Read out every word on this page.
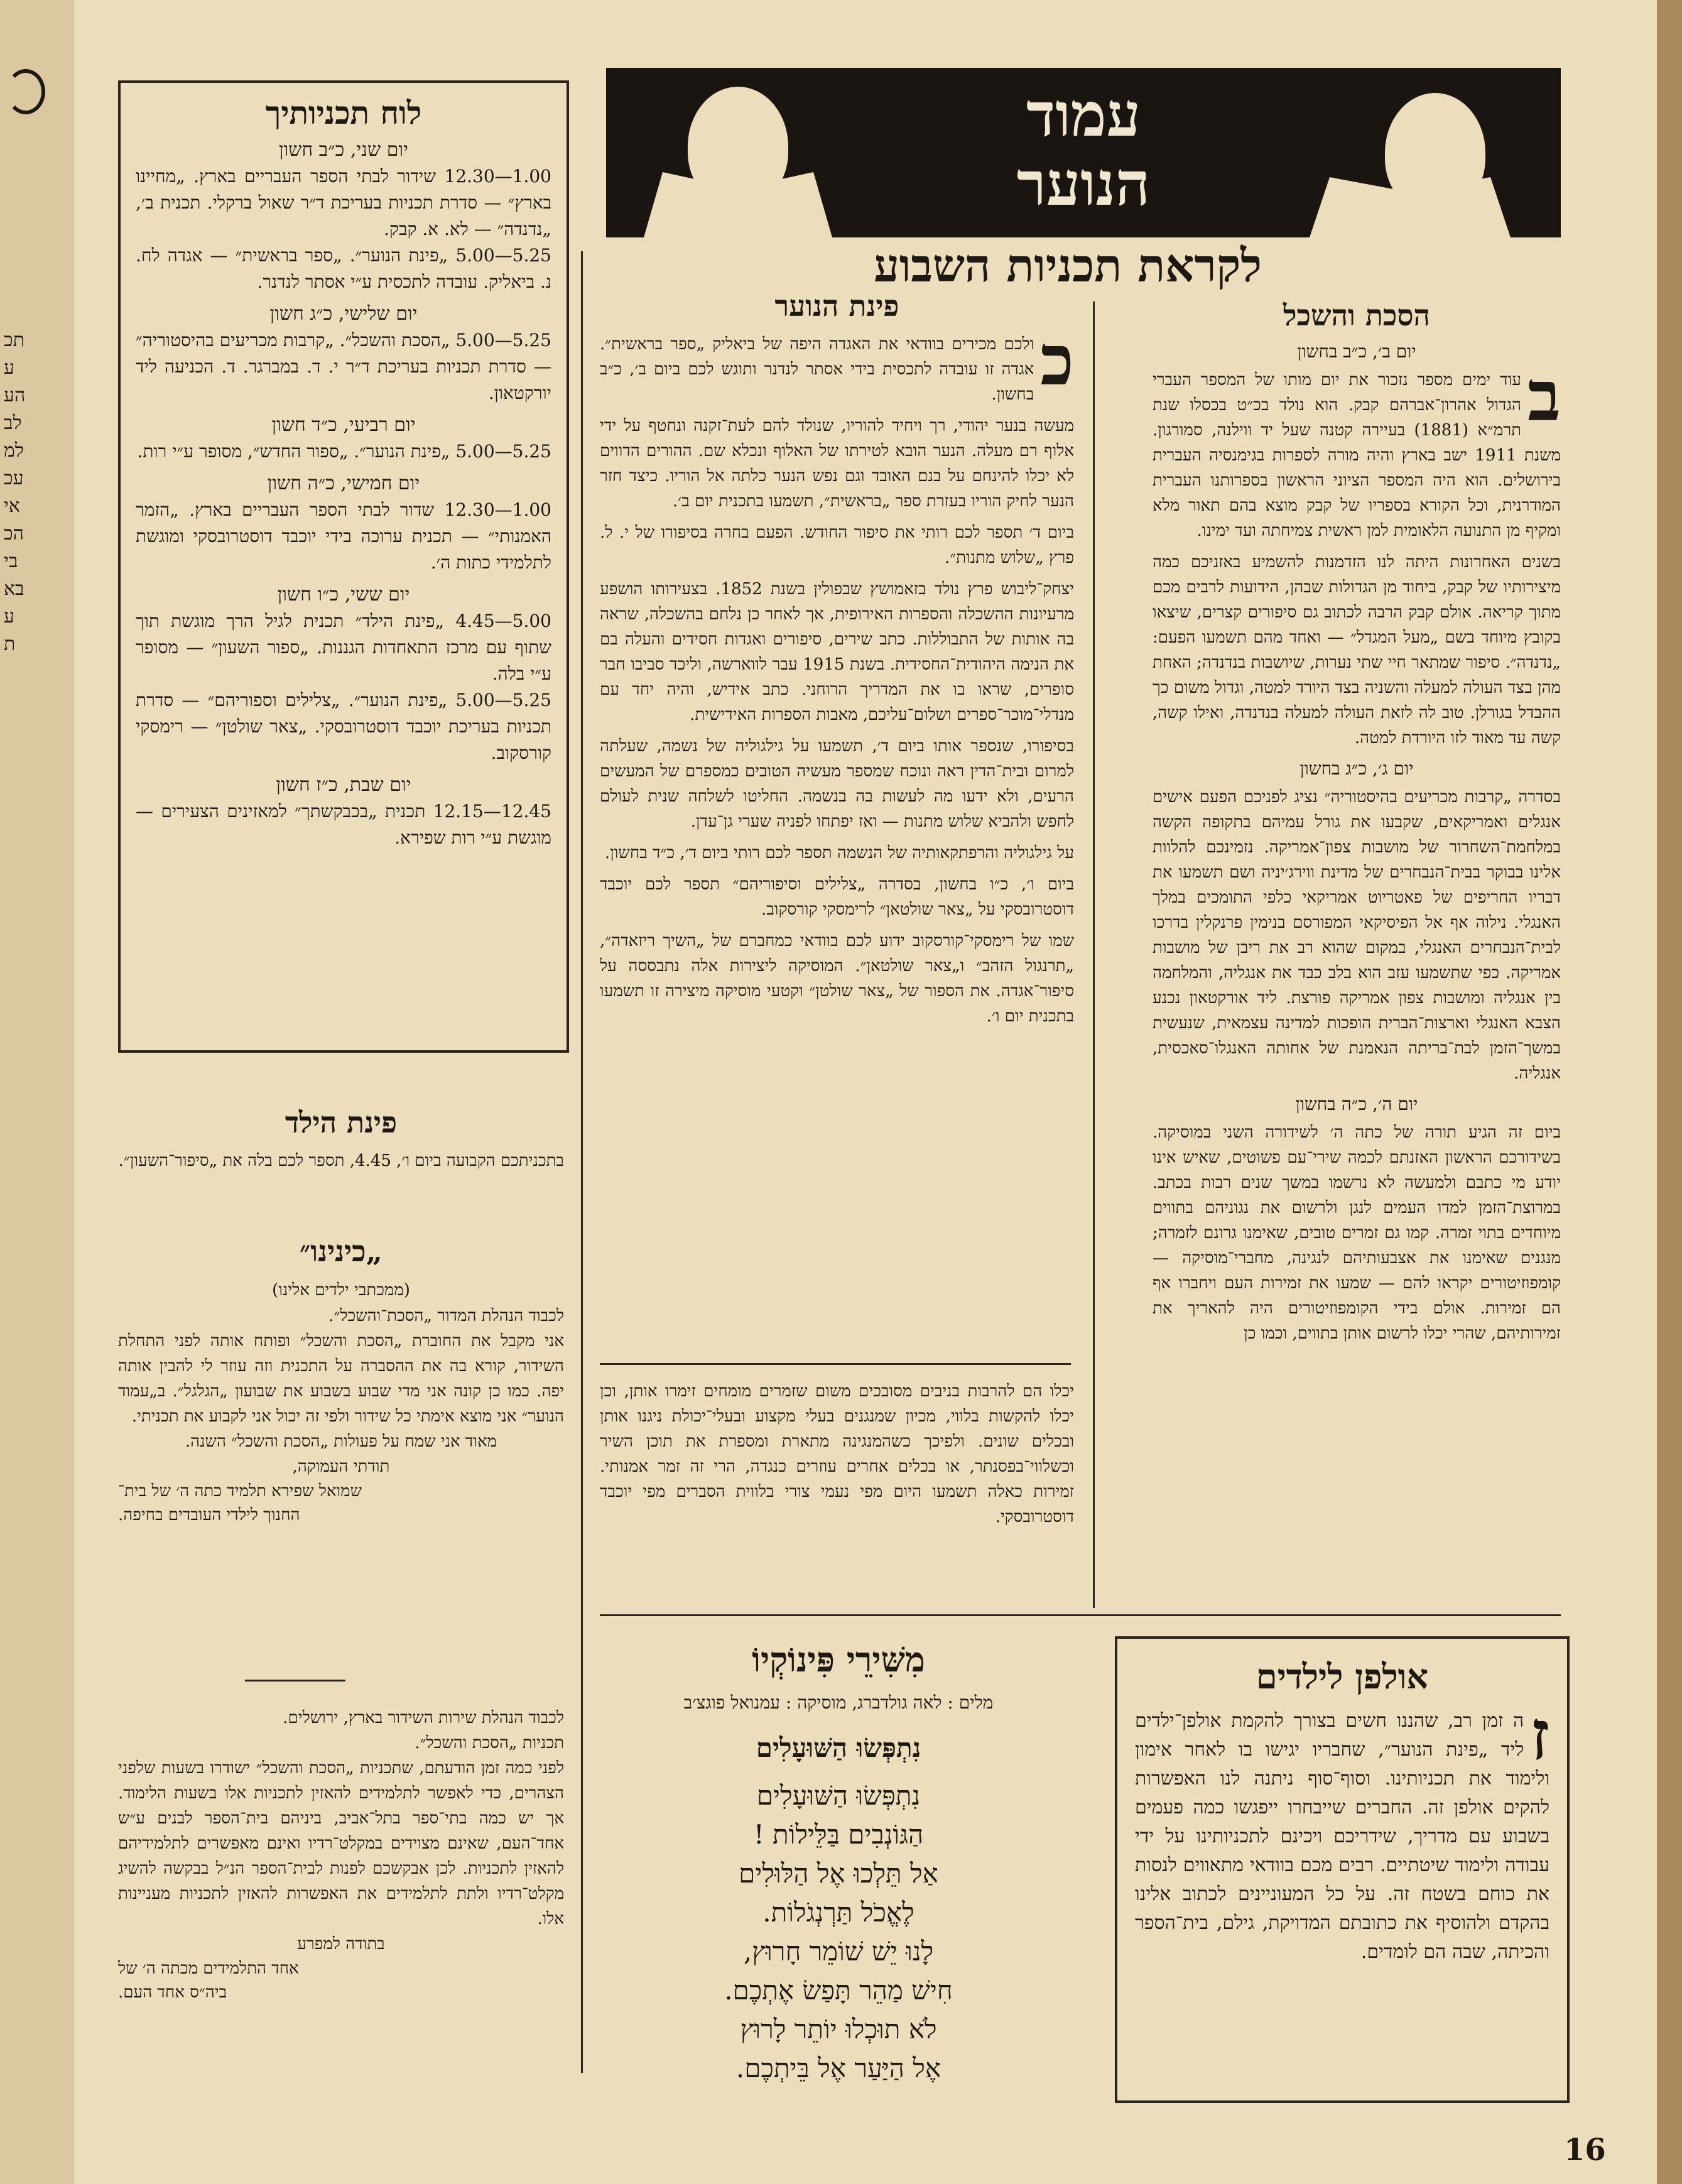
תכ
ע
הע
לב
למ
עכ
אי
הכ
בי
בא
ע
ת
לוח תכניותיך
יום שני, כ״ב חשון
1.00—12.30 שידור לבתי הספר העבריים בארץ. „מחיינו בארץ״ — סדרת תכניות בעריכת ד״ר שאול ברקלי. תכנית ב׳, „נדנדה״ — לא. א. קבק.
5.25—5.00 „פינת הנוער״. „ספר בראשית״ — אגדה לח. נ. ביאליק. עובדה לתכסית ע״י אסתר לנדנר.
יום שלישי, כ״ג חשון
5.25—5.00 „הסכת והשכל״. „קרבות מכריעים בהיסטוריה״ — סדרת תכניות בעריכת ד״ר י. ד. במברגר. ד. הכניעה ליד יורקטאון.
יום רביעי, כ״ד חשון
5.25—5.00 „פינת הנוער״. „ספור החדש״, מסופר ע״י רות.
יום חמישי, כ״ה חשון
1.00—12.30 שדור לבתי הספר העבריים בארץ. „הזמר האמנותי״ — תכנית ערוכה בידי יוכבד דוסטרובסקי ומוגשת לתלמידי כתות ה׳.
יום ששי, כ״ו חשון
5.00—4.45 „פינת הילד״ תכנית לגיל הרך מוגשת תוך שתוף עם מרכז התאחדות הגננות. „ספור השעון״ — מסופר ע״י בלה.
5.25—5.00 „פינת הנוער״. „צלילים וספוריהם״ — סדרת תכניות בעריכת יוכבד דוסטרובסקי. „צאר שולטן״ — רימסקי קורסקוב.
יום שבת, כ״ז חשון
12.45—12.15 תכנית „בכבקשתך״ למאזינים הצעירים — מוגשת ע״י רות שפירא.
פינת הילד
בתכניתכם הקבועה ביום ו׳, 4.45, תספר לכם בלה את „סיפור־השעון״.
„כינינו״
(ממכתבי ילדים אלינו)
לכבוד הנהלת המדור „הסכת־והשכל״.
אני מקבל את החוברת „הסכת והשכל״ ופותח אותה לפני התחלת השידור, קורא בה את ההסברה על התכנית וזה עוזר לי להבין אותה יפה. כמו כן קונה אני מדי שבוע בשבוע את שבועון „הגלגל״. ב„עמוד הנוער״ אני מוצא אימתי כל שידור ולפי זה יכול אני לקבוע את תכניתי.
מאוד אני שמח על פעולות „הסכת והשכל״ השנה.
תודתי העמוקה,
שמואל שפירא תלמיד כתה ה׳ של בית־
החנוך לילדי העובדים בחיפה.
לכבוד הנהלת שירות השידור בארץ, ירושלים.
תכניות „הסכת והשכל״.
לפני כמה זמן הודעתם, שתכניות „הסכת והשכל״ ישודרו בשעות שלפני הצהרים, כדי לאפשר לתלמידים להאזין לתכניות אלו בשעות הלימוד. אך יש כמה בתי־ספר בתל־אביב, ביניהם בית־הספר לבנים ע״ש אחד־העם, שאינם מצוידים במקלט־רדיו ואינם מאפשרים לתלמידיהם להאזין לתכניות. לכן אבקשכם לפנות לבית־הספר הנ״ל בבקשה להשיג מקלט־רדיו ולתת לתלמידים את האפשרות להאזין לתכניות מעניינות אלו.
בתודה למפרע
אחד התלמידים מכתה ה׳ של
ביה״ס אחד העם.
עמוד
הנוער
לקראת תכניות השבוע
הסכת והשכל
יום ב׳, כ״ב בחשון
ב
עוד ימים מספר נזכור את יום מותו של המספר העברי הגדול אהרון־אברהם קבק. הוא נולד בכ״ט בכסלו שנת תרמ״א (1881) בעיירה קטנה שעל יד ווילנה, סמורגון. משנת 1911 ישב בארץ והיה מורה לספרות בגימנסיה העברית בירושלים. הוא היה המספר הציוני הראשון בספרותנו העברית המודרנית, וכל הקורא בספריו של קבק מוצא בהם תאור מלא ומקיף מן התנועה הלאומית למן ראשית צמיחתה ועד ימינו.
בשנים האחרונות היתה לנו הזדמנות להשמיע באזניכם כמה מיצירותיו של קבק, ביחוד מן הגדולות שבהן, הידועות לרבים מכם מתוך קריאה. אולם קבק הרבה לכתוב גם סיפורים קצרים, שיצאו בקובץ מיוחד בשם „מעל המגדל״ — ואחד מהם תשמעו הפעם: „נדנדה״. סיפור שמתאר חיי שתי נערות, שיושבות בנדנדה; האחת מהן בצד העולה למעלה והשניה בצד היורד למטה, וגדול משום כך ההבדל בגורלן. טוב לה לזאת העולה למעלה בנדנדה, ואילו קשה, קשה עד מאוד לזו היורדת למטה.
יום ג׳, כ״ג בחשון
בסדרה „קרבות מכריעים בהיסטוריה״ נציג לפניכם הפעם אישים אנגלים ואמריקאים, שקבעו את גורל עמיהם בתקופה הקשה במלחמת־השחרור של מושבות צפון־אמריקה. נזמינכם להלוות אלינו בבוקר בבית־הנבחרים של מדינת ווירג׳יניה ושם תשמעו את דבריו החריפים של פאטריוט אמריקאי כלפי התומכים במלך האנגלי. נילוה אף אל הפיסיקאי המפורסם בנימין פרנקלין בדרכו לבית־הנבחרים האנגלי, במקום שהוא רב את ריבן של מושבות אמריקה. כפי שתשמעו עזב הוא בלב כבד את אנגליה, והמלחמה בין אנגליה ומושבות צפון אמריקה פורצת. ליד אורקטאון נכנע הצבא האנגלי וארצות־הברית הופכות למדינה עצמאית, שנעשית במשך־הזמן לבת־בריתה הנאמנת של אחותה האנגלו־סאכסית, אנגליה.
יום ה׳, כ״ה בחשון
ביום זה הגיע תורה של כתה ה׳ לשידורה השני במוסיקה. בשידורכם הראשון האזנתם לכמה שירי־עם פשוטים, שאיש אינו יודע מי כתבם ולמעשה לא נרשמו במשך שנים רבות בכתב. במרוצת־הזמן למדו העמים לנגן ולרשום את נגוניהם בתווים מיוחדים בתוי זמרה. קמו גם זמרים טובים, שאימנו גרונם לזמרה; מנגנים שאימנו את אצבעותיהם לנגינה, מחברי־מוסיקה — קומפוזיטורים יקראו להם — שמעו את זמירות העם ויחברו אף הם זמירות. אולם בידי הקומפוזיטורים היה להאריך את זמירותיהם, שהרי יכלו לרשום אותן בתווים, וכמו כן
פינת הנוער
כ
ולכם מכירים בוודאי את האגדה היפה של ביאליק „ספר בראשית״. אגדה זו עובדה לתכסית בידי אסתר לנדנר ותוגש לכם ביום ב׳, כ״ב בחשון.
מעשה בנער יהודי, רך ויחיד להוריו, שנולד להם לעת־זקנה ונחטף על ידי אלוף רם מעלה. הנער הובא לטירתו של האלוף ונכלא שם. ההורים הדווים לא יכלו להינחם על בנם האובד וגם נפש הנער כלתה אל הוריו. כיצד חזר הנער לחיק הוריו בעזרת ספר „בראשית״, תשמעו בתכנית יום ב׳.
ביום ד׳ תספר לכם רותי את סיפור החודש. הפעם בחרה בסיפורו של י. ל. פרץ „שלוש מתנות״.
יצחק־ליבוש פרץ נולד בזאמושץ שבפולין בשנת 1852. בצעירותו הושפע מרעיונות ההשכלה והספרות האירופית, אך לאחר כן נלחם בהשכלה, שראה בה אותות של התבוללות. כתב שירים, סיפורים ואגדות חסידים והעלה בם את הנימה היהודית־החסידית. בשנת 1915 עבר לווארשה, וליכד סביבו חבר סופרים, שראו בו את המדריך הרוחני. כתב אידיש, והיה יחד עם מנדלי־מוכר־ספרים ושלום־עליכם, מאבות הספרות האידישית.
בסיפורו, שנספר אותו ביום ד׳, תשמעו על גילגוליה של נשמה, שעלתה למרום ובית־הדין ראה ונוכח שמספר מעשיה הטובים כמספרם של המעשים הרעים, ולא ידעו מה לעשות בה בנשמה. החליטו לשלחה שנית לעולם לחפש ולהביא שלוש מתנות — ואז יפתחו לפניה שערי גן־עדן.
על גילגוליה והרפתקאותיה של הנשמה תספר לכם רותי ביום ד׳, כ״ד בחשון.
ביום ו׳, כ״ו בחשון, בסדרה „צלילים וסיפוריהם״ תספר לכם יוכבד דוסטרובסקי על „צאר שולטאן״ לרימסקי קורסקוב.
שמו של רימסקי־קורסקוב ידוע לכם בוודאי כמחברם של „השיך ריזאדה״, „תרנגול הזהב״ ו„צאר שולטאן״. המוסיקה ליצירות אלה נתבססה על סיפור־אגדה. את הספור של „צאר שולטן״ וקטעי מוסיקה מיצירה זו תשמעו בתכנית יום ו׳.
יכלו הם להרבות בניבים מסובכים משום שזמרים מומחים זימרו אותן, וכן יכלו להקשות בלווי, מכיון שמנגנים בעלי מקצוע ובעלי־יכולת ניגנו אותן ובכלים שונים. ולפיכך כשהמנגינה מתארת ומספרת את תוכן השיר וכשלווי־בפסנתר, או בכלים אחרים עוזרים כנגדה, הרי זה זמר אמנותי. זמירות כאלה תשמעו היום מפי נעמי צורי בלווית הסברים מפי יוכבד דוסטרובסקי.
מִשִּׁירֵי פִּינוֹקְיוֹ
מלים : לאה גולדברג, מוסיקה : עמנואל פוגצ׳ב
נִתְפְּשׂוּ הַשּׁוּעָלִים
נִתְפְּשׂוּ הַשּׁוּעָלִים
הַגּוֹנְבִים בַּלֵּילוֹת !
אַל תֵּלְכוּ אֶל הַלּוּלִים
לֶאֱכֹל תַּרְנְגֹלוֹת.
לָנוּ יֵשׁ שׁוֹמֵר חָרוּץ,
חִישׁ מַהֵר תָּפַשׂ אֶתְכֶם.
לֹא תוּכְלוּ יוֹתֵר לָרוּץ
אֶל הַיַּעַר אֶל בֵּיתְכֶם.
אולפן לילדים
ז
ה זמן רב, שהננו חשים בצורך להקמת אולפן־ילדים ליד „פינת הנוער״, שחבריו יגישו בו לאחר אימון ולימוד את תכניותינו. וסוף־סוף ניתנה לנו האפשרות להקים אולפן זה. החברים שייבחרו ייפגשו כמה פעמים בשבוע עם מדריך, שידריכם ויכינם לתכניותינו על ידי עבודה ולימוד שיטתיים. רבים מכם בוודאי מתאווים לנסות את כוחם בשטח זה. על כל המעוניינים לכתוב אלינו בהקדם ולהוסיף את כתובתם המדויקת, גילם, בית־הספר והכיתה, שבה הם לומדים.
16
